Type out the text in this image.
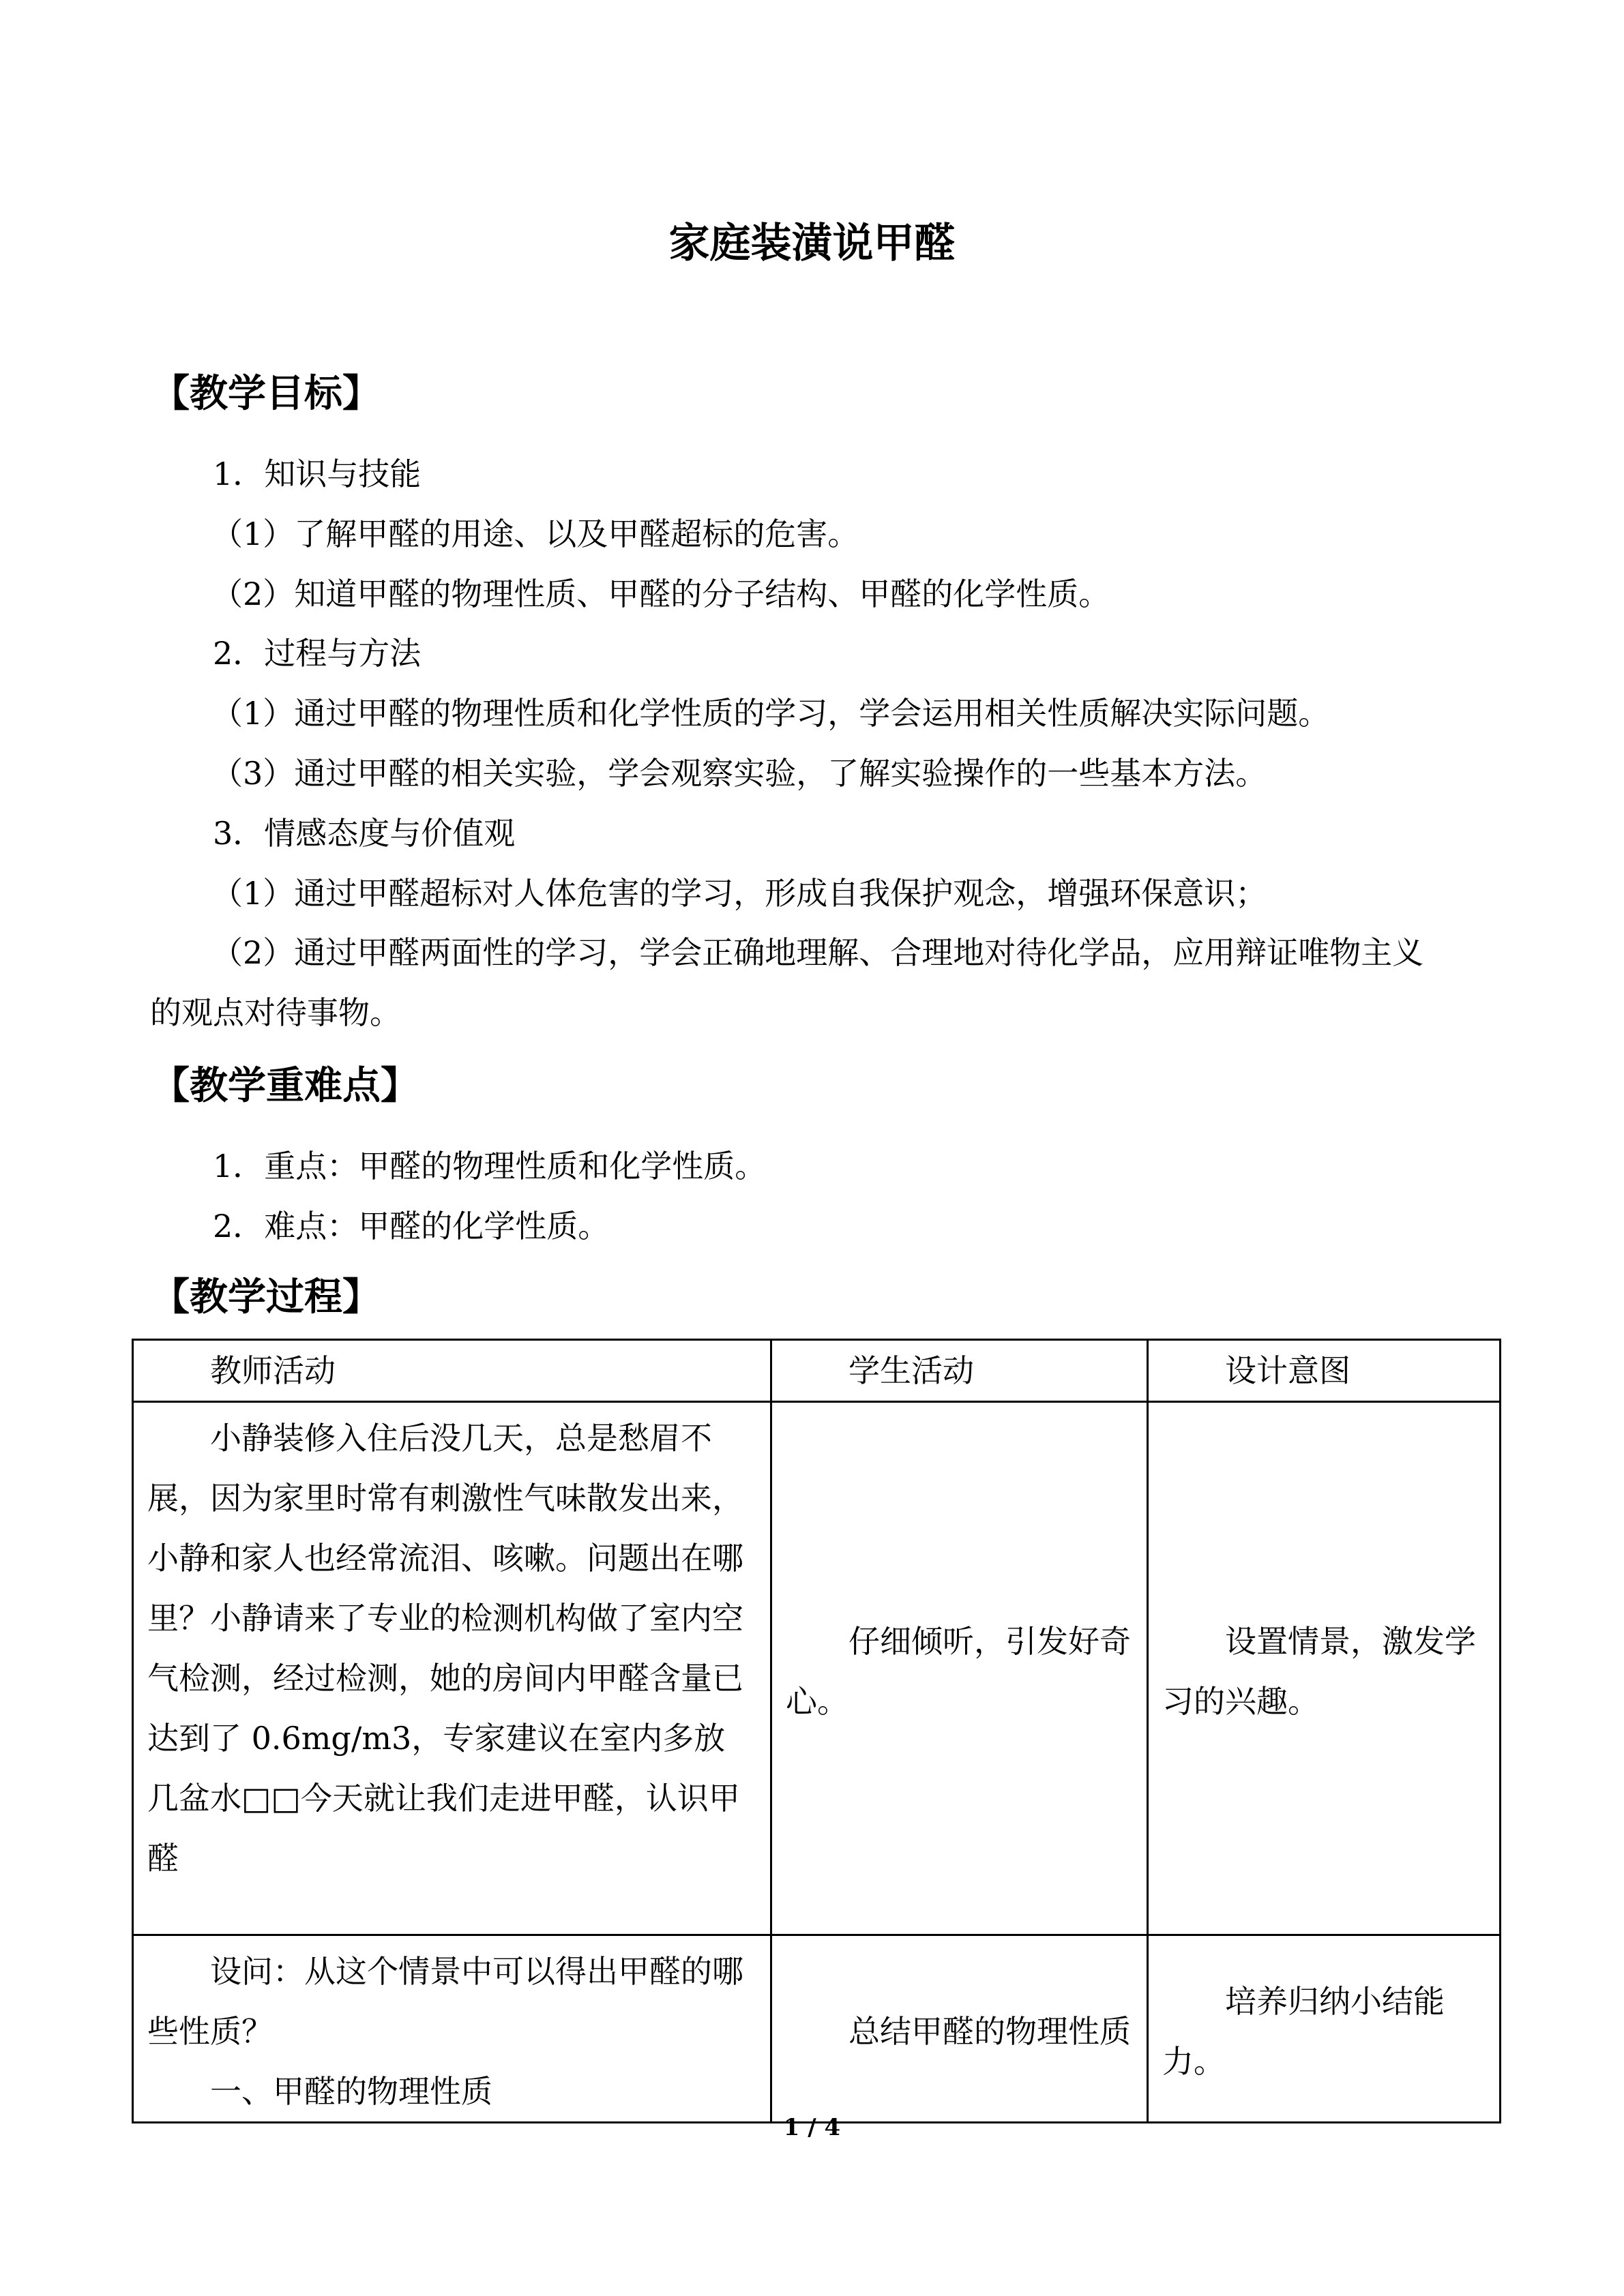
家庭装潢说甲醛
【教学目标】

1．知识与技能

（1）了解甲醛的用途、以及甲醛超标的危害。

（2）知道甲醛的物理性质、甲醛的分子结构、甲醛的化学性质。

2．过程与方法

（1）通过甲醛的物理性质和化学性质的学习，学会运用相关性质解决实际问题。

（3）通过甲醛的相关实验，学会观察实验，了解实验操作的一些基本方法。

3．情感态度与价值观

（1）通过甲醛超标对人体危害的学习，形成自我保护观念，增强环保意识；

（2）通过甲醛两面性的学习，学会正确地理解、合理地对待化学品，应用辩证唯物主义

的观点对待事物。

【教学重难点】

1．重点：甲醛的物理性质和化学性质。

2．难点：甲醛的化学性质。

【教学过程】
教师活动	学生活动	设计意图

小静装修入住后没几天，总是愁眉不展，因为家里时常有刺激性气味散发出来，小静和家人也经常流泪、咳嗽。问题出在哪里？小静请来了专业的检测机构做了室内空气检测，经过检测，她的房间内甲醛含量已达到了 0.6mg/m3，专家建议在室内多放几盆水□□今天就让我们走进甲醛，认识甲醛	仔细倾听，引发好奇心。	设置情景，激发学习的兴趣。

设问：从这个情景中可以得出甲醛的哪些性质？
一、甲醛的物理性质	总结甲醛的物理性质	培养归纳小结能力。
1 / 4
